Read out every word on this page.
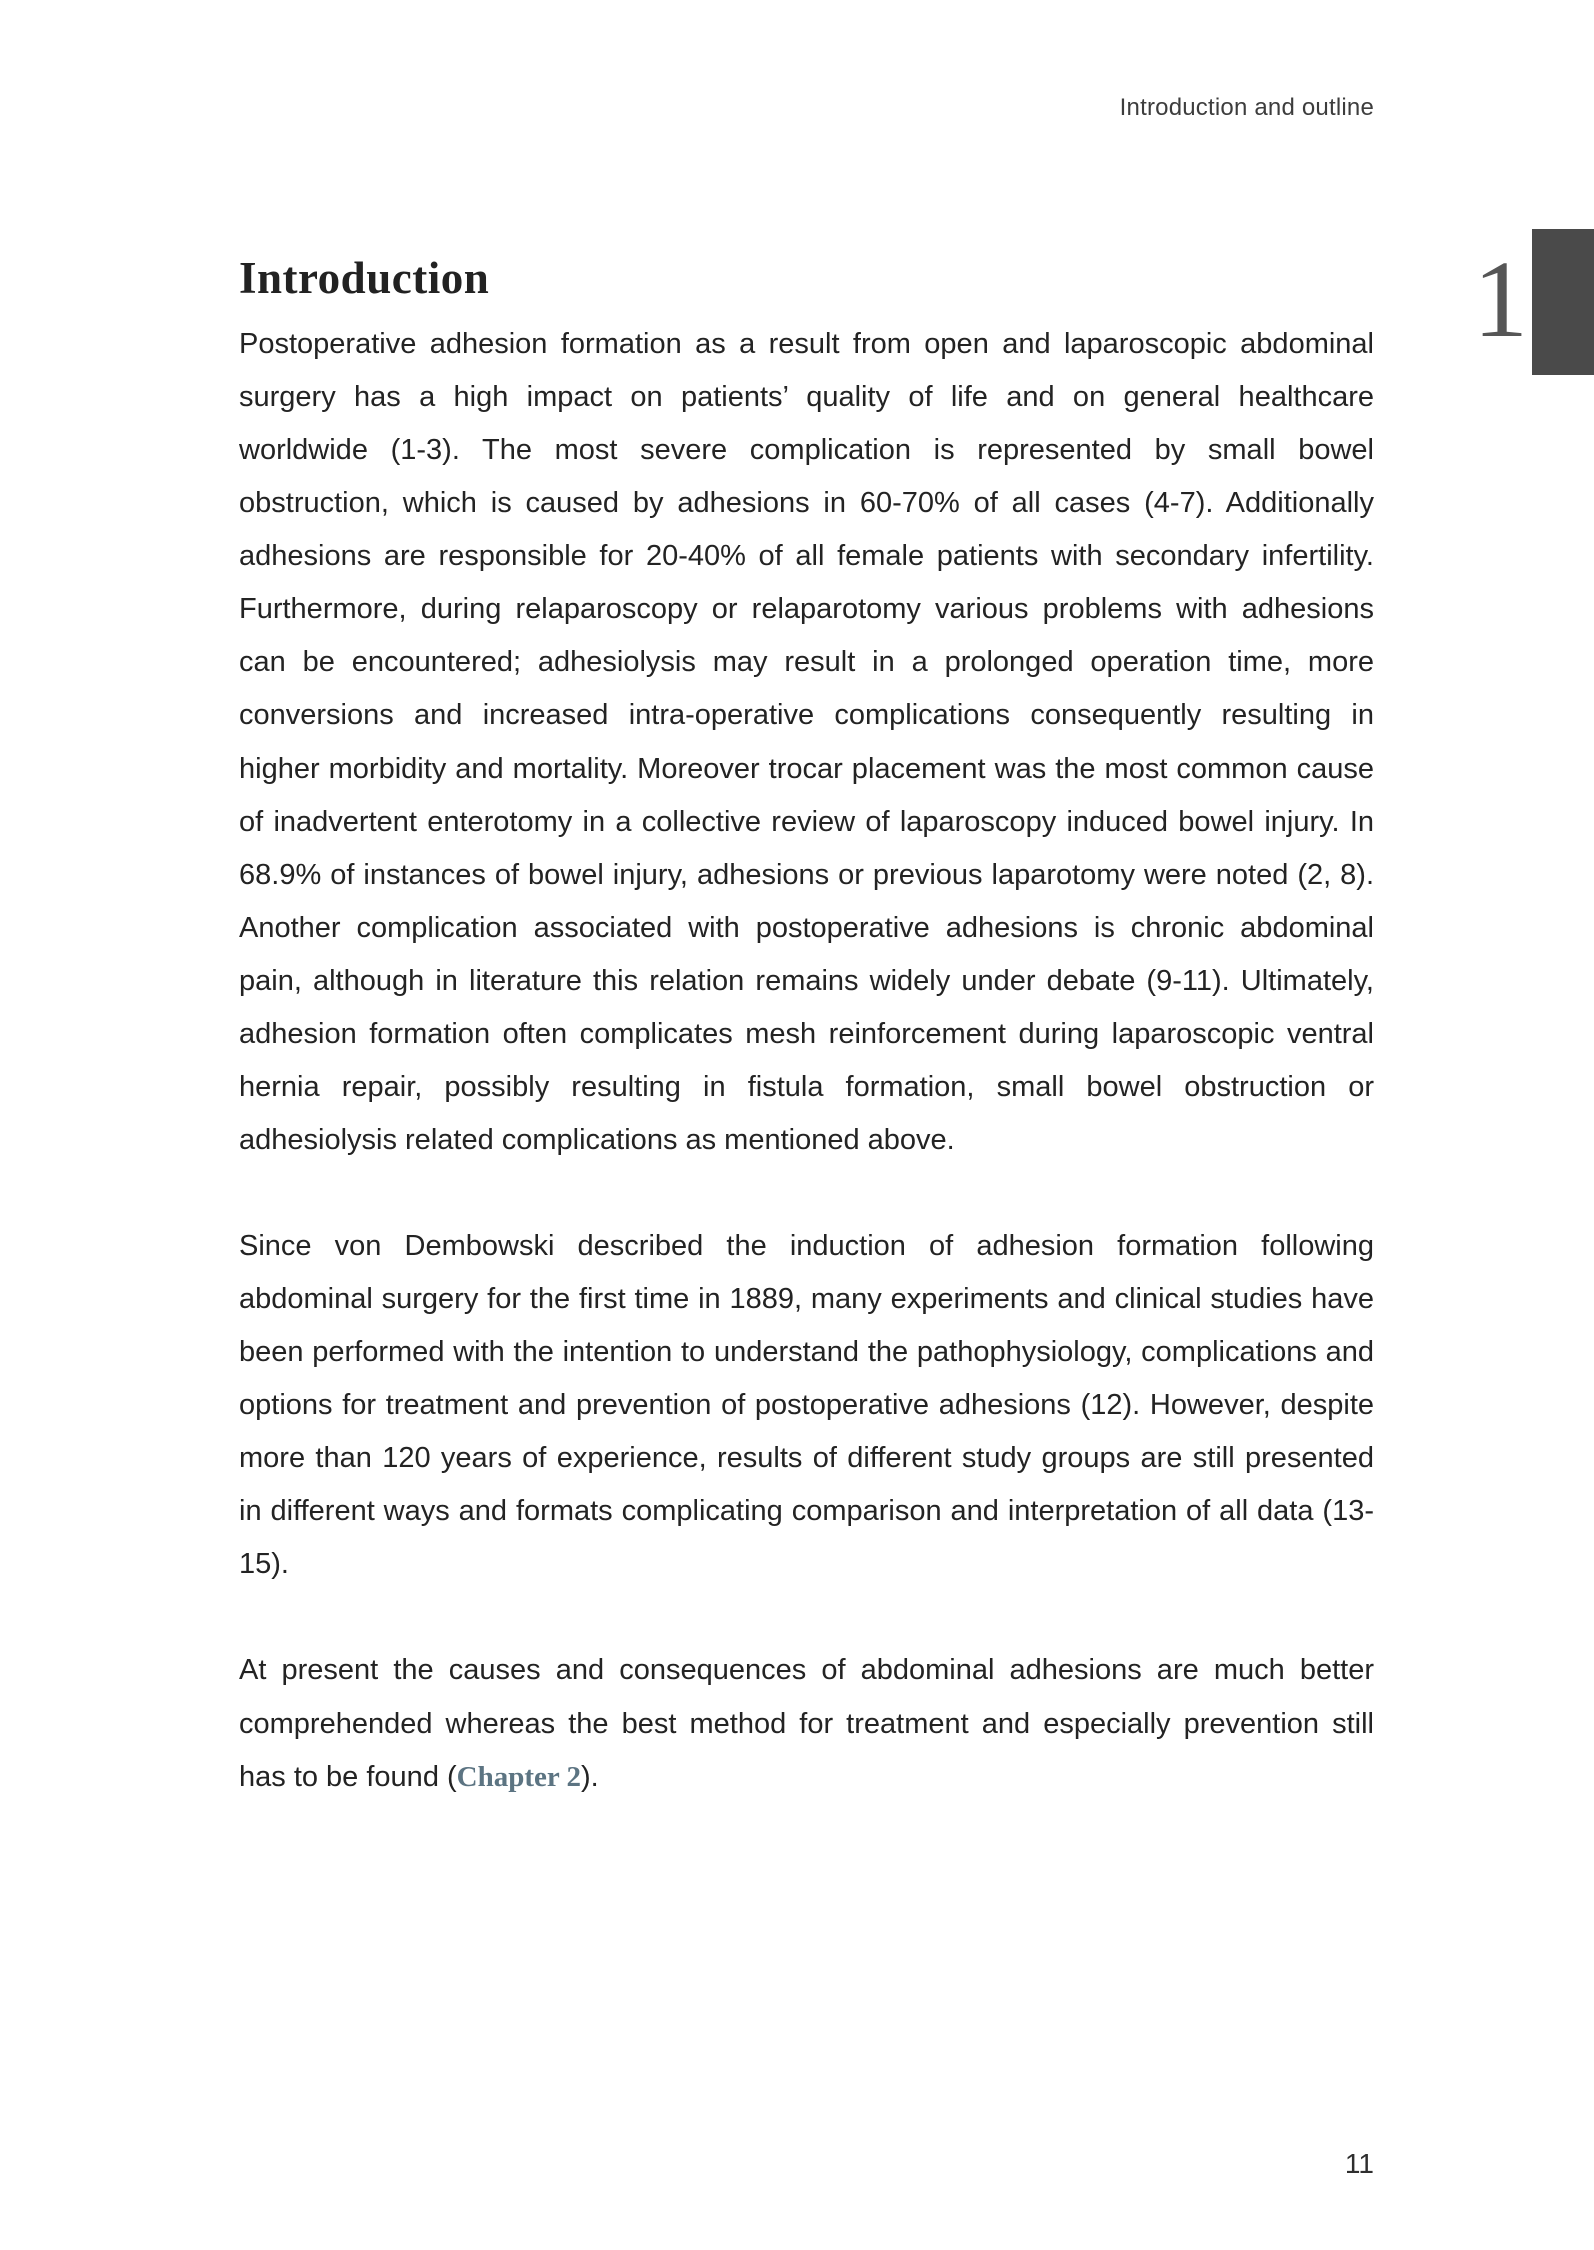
Introduction and outline
1
Introduction

Postoperative adhesion formation as a result from open and laparoscopic abdominal surgery has a high impact on patients’ quality of life and on general healthcare worldwide (1-3). The most severe complication is represented by small bowel obstruction, which is caused by adhesions in 60-70% of all cases (4-7). Additionally adhesions are responsible for 20-40% of all female patients with secondary infertility. Furthermore, during relaparoscopy or relaparotomy various problems with adhesions can be encountered; adhesiolysis may result in a prolonged operation time, more conversions and increased intra-operative complications consequently resulting in higher morbidity and mortality. Moreover trocar placement was the most common cause of inadvertent enterotomy in a collective review of laparoscopy induced bowel injury. In 68.9% of instances of bowel injury, adhesions or previous laparotomy were noted (2, 8). Another complication associated with postoperative adhesions is chronic abdominal pain, although in literature this relation remains widely under debate (9-11). Ultimately, adhesion formation often complicates mesh reinforcement during laparoscopic ventral hernia repair, possibly resulting in fistula formation, small bowel obstruction or adhesiolysis related complications as mentioned above.

Since von Dembowski described the induction of adhesion formation following abdominal surgery for the first time in 1889, many experiments and clinical studies have been performed with the intention to understand the pathophysiology, complications and options for treatment and prevention of postoperative adhesions (12). However, despite more than 120 years of experience, results of different study groups are still presented in different ways and formats complicating comparison and interpretation of all data (13-15).

At present the causes and consequences of abdominal adhesions are much better comprehended whereas the best method for treatment and especially prevention still has to be found (Chapter 2).

11
